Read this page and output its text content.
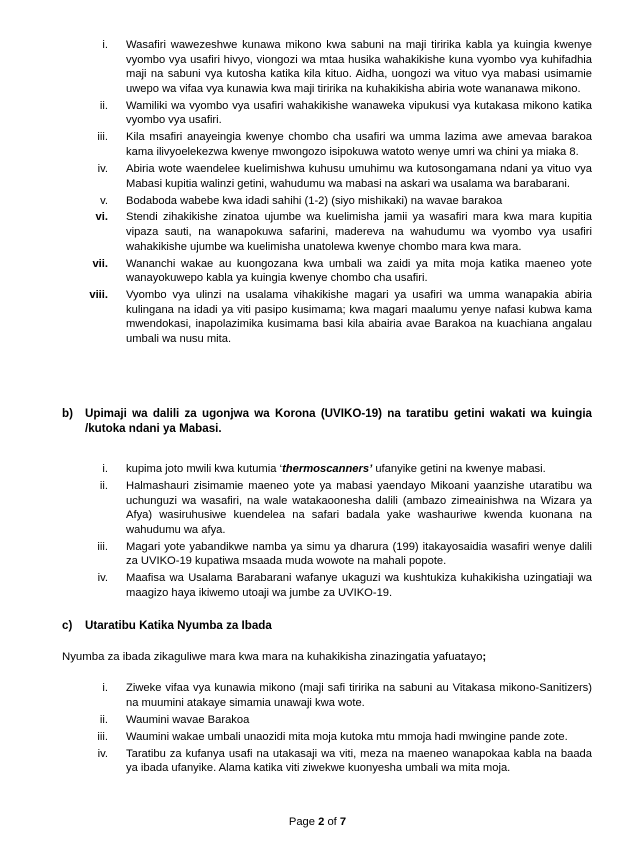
i. Wasafiri wawezeshwe kunawa mikono kwa sabuni na maji tiririka kabla ya kuingia kwenye vyombo vya usafiri hivyo, viongozi wa mtaa husika wahakikishe kuna vyombo vya kuhifadhia maji na sabuni vya kutosha katika kila kituo. Aidha, uongozi wa vituo vya mabasi usimamie uwepo wa vifaa vya kunawia kwa maji tiririka na kuhakikisha abiria wote wananawa mikono.
ii. Wamiliki wa vyombo vya usafiri wahakikishe wanaweka vipukusi vya kutakasa mikono katika vyombo vya usafiri.
iii. Kila msafiri anayeingia kwenye chombo cha usafiri wa umma lazima awe amevaa barakoa kama ilivyoelekezwa kwenye mwongozo isipokuwa watoto wenye umri wa chini ya miaka 8.
iv. Abiria wote waendelee kuelimishwa kuhusu umuhimu wa kutosongamana ndani ya vituo vya Mabasi kupitia walinzi getini, wahudumu wa mabasi na askari wa usalama wa barabarani.
v. Bodaboda wabebe kwa idadi sahihi (1-2) (siyo mishikaki) na wavae barakoa
vi. Stendi zihakikishe zinatoa ujumbe wa kuelimisha jamii ya wasafiri mara kwa mara kupitia vipaza sauti, na wanapokuwa safarini, madereva na wahudumu wa vyombo vya usafiri wahakikishe ujumbe wa kuelimisha unatolewa kwenye chombo mara kwa mara.
vii. Wananchi wakae au kuongozana kwa umbali wa zaidi ya mita moja katika maeneo yote wanayokuwepo kabla ya kuingia kwenye chombo cha usafiri.
viii. Vyombo vya ulinzi na usalama vihakikishe magari ya usafiri wa umma wanapakia abiria kulingana na idadi ya viti pasipo kusimama; kwa magari maalumu yenye nafasi kubwa kama mwendokasi, inapolazimika kusimama basi kila abairia avae Barakoa na kuachiana angalau umbali wa nusu mita.
b)	Upimaji wa dalili za ugonjwa wa Korona (UVIKO-19) na taratibu getini wakati wa kuingia /kutoka ndani ya Mabasi.
i. kupima joto mwili kwa kutumia ‘thermoscanners’ ufanyike getini na kwenye mabasi.
ii. Halmashauri zisimamie maeneo yote ya mabasi yaendayo Mikoani yaanzishe utaratibu wa uchunguzi wa wasafiri, na wale watakaoonesha dalili (ambazo zimeainishwa na Wizara ya Afya) wasiruhusiwe kuendelea na safari badala yake washauriwe kwenda kuonana na wahudumu wa afya.
iii. Magari yote yabandikwe namba ya simu ya dharura (199) itakayosaidia wasafiri wenye dalili za UVIKO-19 kupatiwa msaada muda wowote na mahali popote.
iv. Maafisa wa Usalama Barabarani wafanye ukaguzi wa kushtukiza kuhakikisha uzingatiaji wa maagizo haya ikiwemo utoaji wa jumbe za UVIKO-19.
c)	Utaratibu Katika Nyumba za Ibada
Nyumba za ibada zikaguliwe mara kwa mara na kuhakikisha zinazingatia yafuatayo;
i. Ziweke vifaa vya kunawia mikono (maji safi tiririka na sabuni au Vitakasa mikono-Sanitizers) na muumini atakaye simamia unawaji kwa wote.
ii. Waumini wavae Barakoa
iii. Waumini wakae umbali unaozidi mita moja kutoka mtu mmoja hadi mwingine pande zote.
iv. Taratibu za kufanya usafi na utakasaji wa viti, meza na maeneo wanapokaa kabla na baada ya ibada ufanyike. Alama katika viti ziwekwe kuonyesha umbali wa mita moja.
Page 2 of 7
